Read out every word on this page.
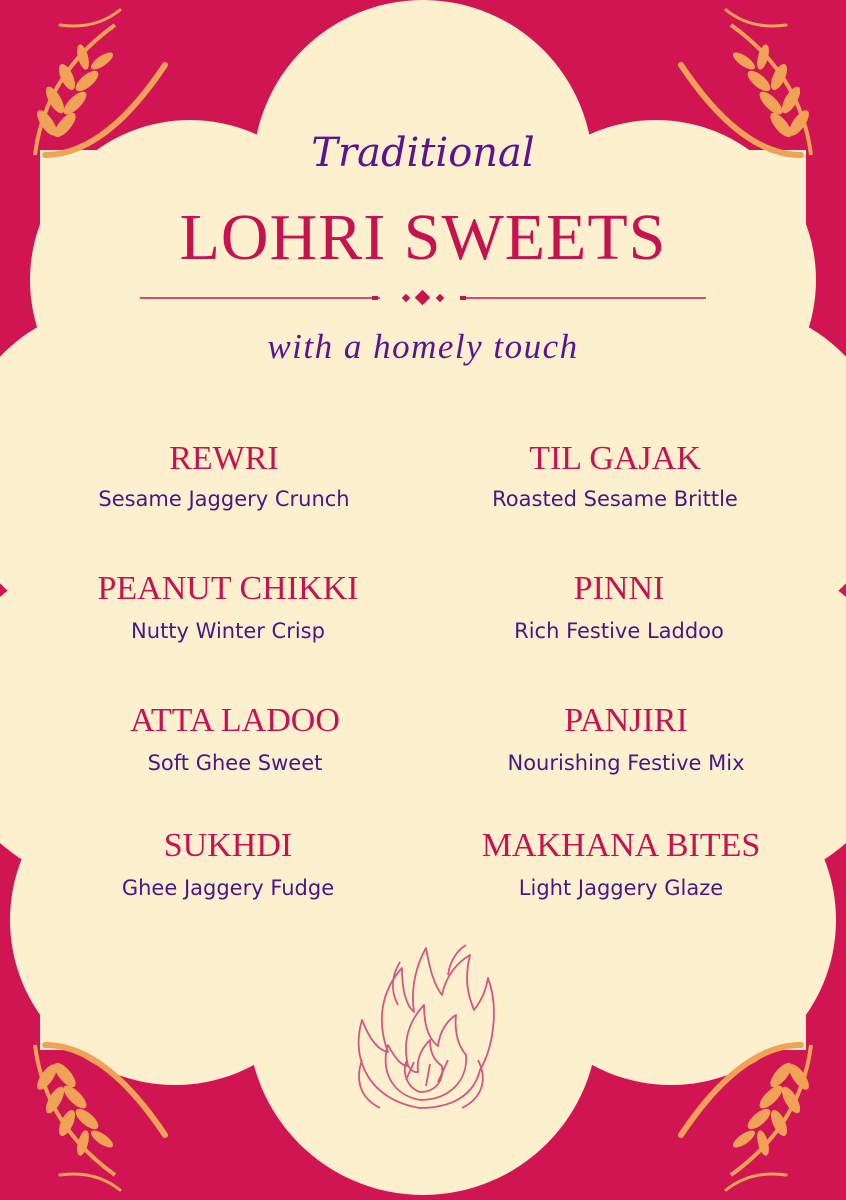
Traditional
LOHRI SWEETS
with a homely touch
REWRI
Sesame Jaggery Crunch
TIL GAJAK
Roasted Sesame Brittle
PEANUT CHIKKI
Nutty Winter Crisp
PINNI
Rich Festive Laddoo
ATTA LADOO
Soft Ghee Sweet
PANJIRI
Nourishing Festive Mix
SUKHDI
Ghee Jaggery Fudge
MAKHANA BITES
Light Jaggery Glaze
